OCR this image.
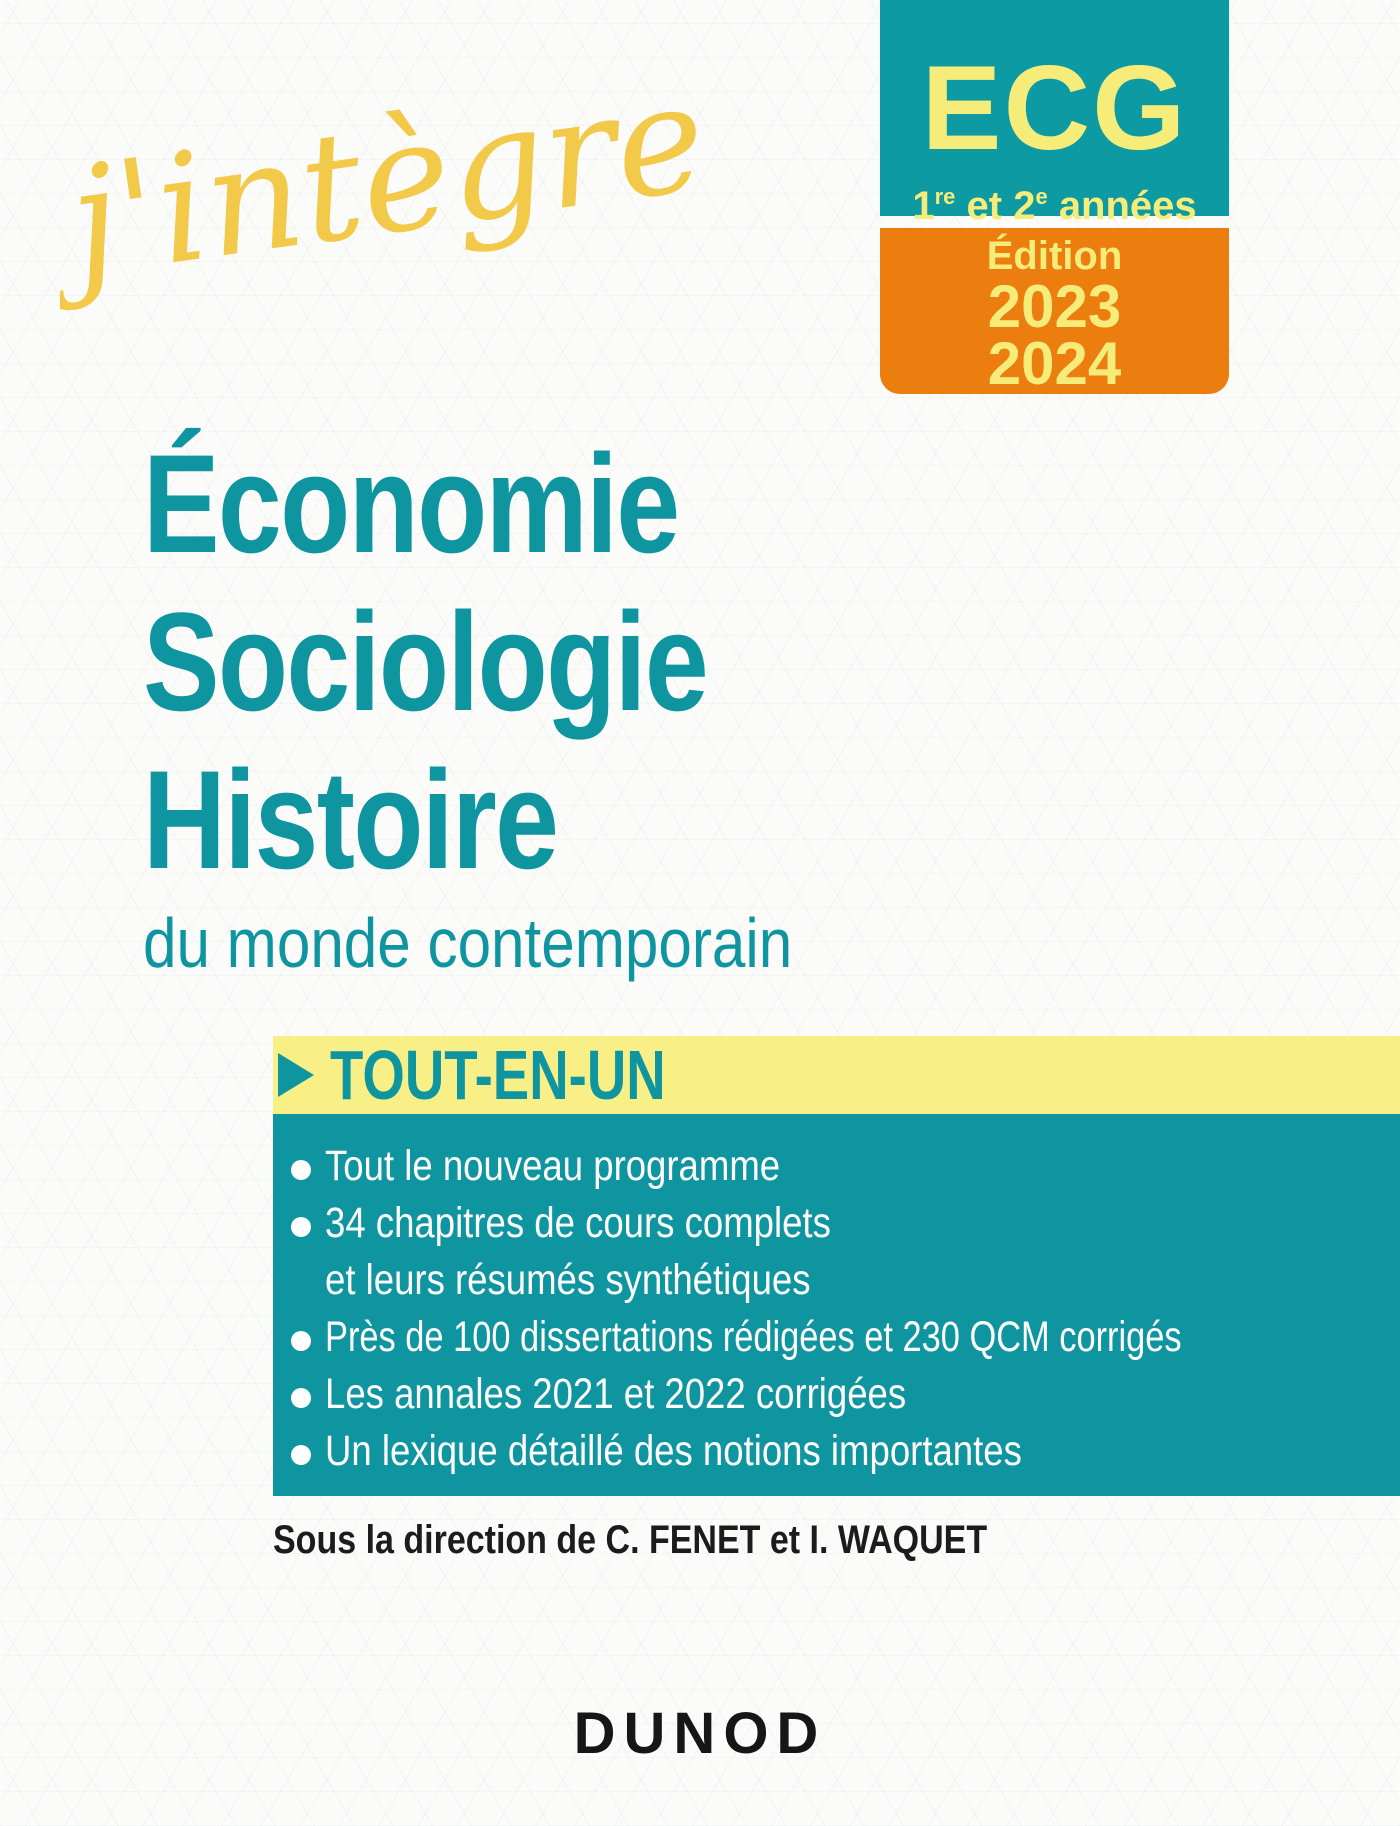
j'intègre	ECG
1re et 2e années
Édition
2023
2024
Économie
Sociologie
Histoire
du monde contemporain
TOUT-EN-UN
Tout le nouveau programme
34 chapitres de cours complets
et leurs résumés synthétiques
Près de 100 dissertations rédigées et 230 QCM corrigés
Les annales 2021 et 2022 corrigées
Un lexique détaillé des notions importantes
Sous la direction de C. FENET et I. WAQUET
DUNOD
